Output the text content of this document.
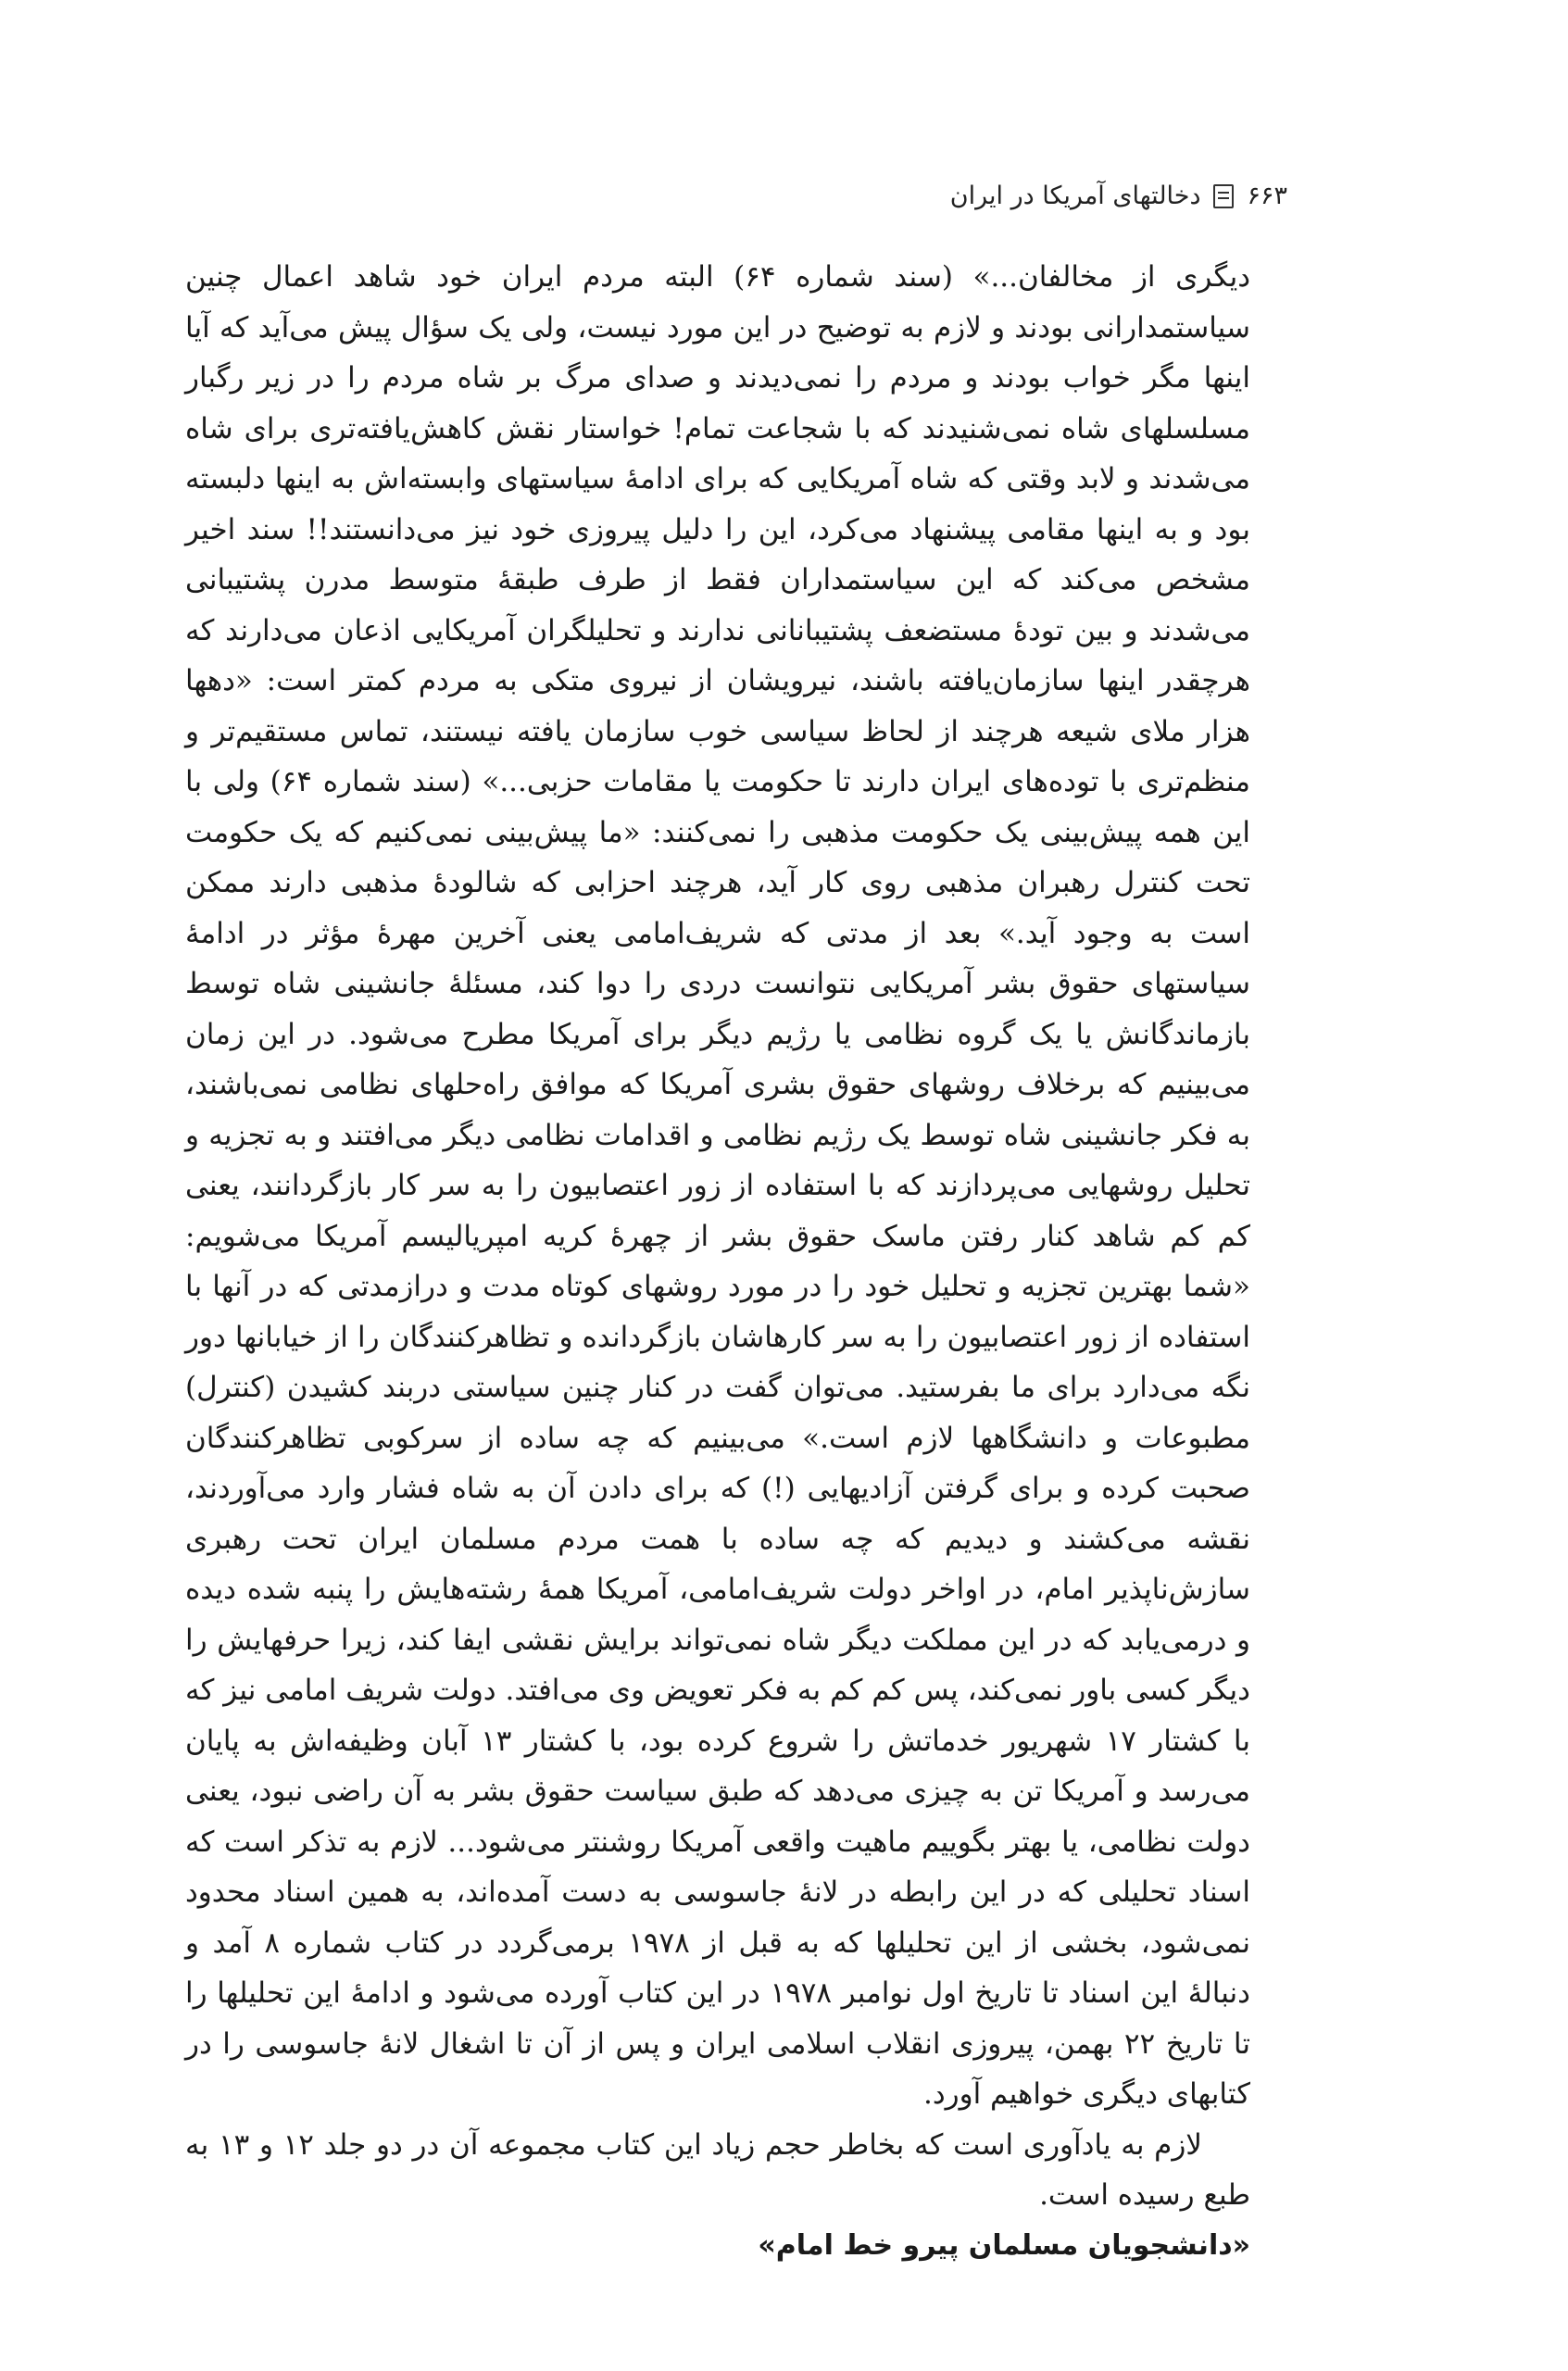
دخالتهای آمریکا در ایران ۶۶۳

دیگری از مخالفان...» (سند شماره ۶۴) البته مردم ایران خود شاهد اعمال چنین سیاستمدارانی بودند و لازم به توضیح در این مورد نیست، ولی یک سؤال پیش می‌آید که آیا اینها مگر خواب بودند و مردم را نمی‌دیدند و صدای مرگ بر شاه مردم را در زیر رگبار مسلسلهای شاه نمی‌شنیدند که با شجاعت تمام! خواستار نقش کاهش‌یافته‌تری برای شاه می‌شدند و لابد وقتی که شاه آمریکایی که برای ادامهٔ سیاستهای وابسته‌اش به اینها دلبسته بود و به اینها مقامی پیشنهاد می‌کرد، این را دلیل پیروزی خود نیز می‌دانستند!! سند اخیر مشخص می‌کند که این سیاستمداران فقط از طرف طبقهٔ متوسط مدرن پشتیبانی می‌شدند و بین تودهٔ مستضعف پشتیبانانی ندارند و تحلیلگران آمریکایی اذعان می‌دارند که هرچقدر اینها سازمان‌یافته باشند، نیرویشان از نیروی متکی به مردم کمتر است: «دهها هزار ملای شیعه هرچند از لحاظ سیاسی خوب سازمان یافته نیستند، تماس مستقیم‌تر و منظم‌تری با توده‌های ایران دارند تا حکومت یا مقامات حزبی...» (سند شماره ۶۴) ولی با این همه پیش‌بینی یک حکومت مذهبی را نمی‌کنند: «ما پیش‌بینی نمی‌کنیم که یک حکومت تحت کنترل رهبران مذهبی روی کار آید، هرچند احزابی که شالودهٔ مذهبی دارند ممکن است به وجود آید.» بعد از مدتی که شریف‌امامی یعنی آخرین مهرهٔ مؤثر در ادامهٔ سیاستهای حقوق بشر آمریکایی نتوانست دردی را دوا کند، مسئلهٔ جانشینی شاه توسط بازماندگانش یا یک گروه نظامی یا رژیم دیگر برای آمریکا مطرح می‌شود. در این زمان می‌بینیم که برخلاف روشهای حقوق بشری آمریکا که موافق راه‌حلهای نظامی نمی‌باشند، به فکر جانشینی شاه توسط یک رژیم نظامی و اقدامات نظامی دیگر می‌افتند و به تجزیه و تحلیل روشهایی می‌پردازند که با استفاده از زور اعتصابیون را به سر کار بازگردانند، یعنی کم کم شاهد کنار رفتن ماسک حقوق بشر از چهرهٔ کریه امپریالیسم آمریکا می‌شویم: «شما بهترین تجزیه و تحلیل خود را در مورد روشهای کوتاه مدت و درازمدتی که در آنها با استفاده از زور اعتصابیون را به سر کارهاشان بازگردانده و تظاهرکنندگان را از خیابانها دور نگه می‌دارد برای ما بفرستید. می‌توان گفت در کنار چنین سیاستی دربند کشیدن (کنترل) مطبوعات و دانشگاهها لازم است.» می‌بینیم که چه ساده از سرکوبی تظاهرکنندگان صحبت کرده و برای گرفتن آزادیهایی (!) که برای دادن آن به شاه فشار وارد می‌آوردند، نقشه می‌کشند و دیدیم که چه ساده با همت مردم مسلمان ایران تحت رهبری سازش‌ناپذیر امام، در اواخر دولت شریف‌امامی، آمریکا همهٔ رشته‌هایش را پنبه شده دیده و درمی‌یابد که در این مملکت دیگر شاه نمی‌تواند برایش نقشی ایفا کند، زیرا حرفهایش را دیگر کسی باور نمی‌کند، پس کم کم به فکر تعویض وی می‌افتد. دولت شریف امامی نیز که با کشتار ۱۷ شهریور خدماتش را شروع کرده بود، با کشتار ۱۳ آبان وظیفه‌اش به پایان می‌رسد و آمریکا تن به چیزی می‌دهد که طبق سیاست حقوق بشر به آن راضی نبود، یعنی دولت نظامی، یا بهتر بگوییم ماهیت واقعی آمریکا روشنتر می‌شود... لازم به تذکر است که اسناد تحلیلی که در این رابطه در لانهٔ جاسوسی به دست آمده‌اند، به همین اسناد محدود نمی‌شود، بخشی از این تحلیلها که به قبل از ۱۹۷۸ برمی‌گردد در کتاب شماره ۸ آمد و دنبالهٔ این اسناد تا تاریخ اول نوامبر ۱۹۷۸ در این کتاب آورده می‌شود و ادامهٔ این تحلیلها را تا تاریخ ۲۲ بهمن، پیروزی انقلاب اسلامی ایران و پس از آن تا اشغال لانهٔ جاسوسی را در کتابهای دیگری خواهیم آورد.

لازم به یادآوری است که بخاطر حجم زیاد این کتاب مجموعه آن در دو جلد ۱۲ و ۱۳ به طبع رسیده است.

«دانشجویان مسلمان پیرو خط امام»
